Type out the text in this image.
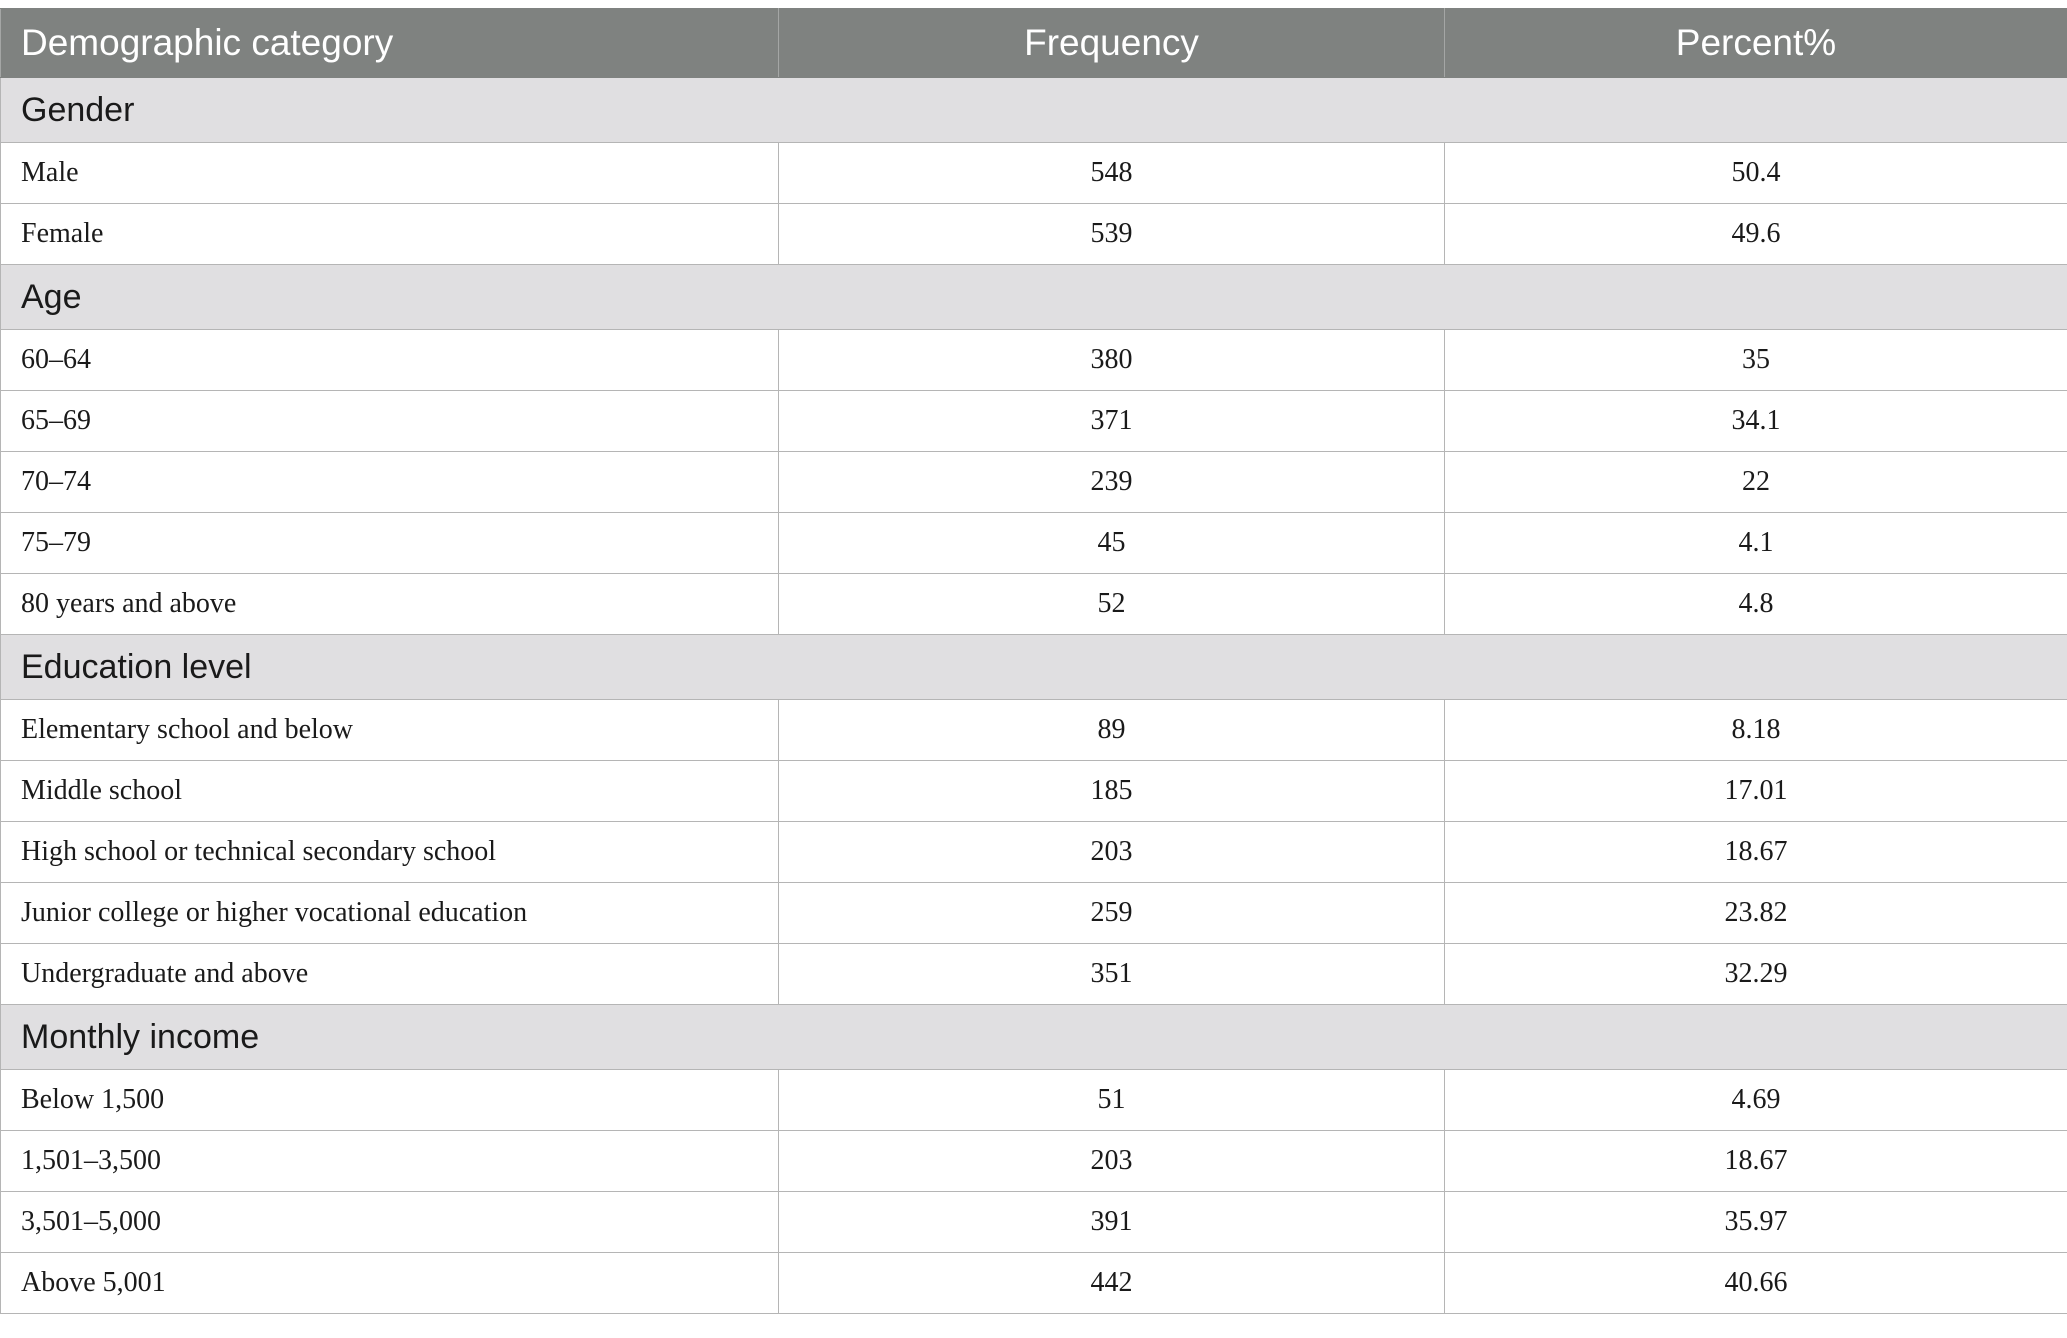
Demographic category	Frequency	Percent%
Gender		
Male	548	50.4
Female	539	49.6
Age		
60–64	380	35
65–69	371	34.1
70–74	239	22
75–79	45	4.1
80 years and above	52	4.8
Education level		
Elementary school and below	89	8.18
Middle school	185	17.01
High school or technical secondary school	203	18.67
Junior college or higher vocational education	259	23.82
Undergraduate and above	351	32.29
Monthly income		
Below 1,500	51	4.69
1,501–3,500	203	18.67
3,501–5,000	391	35.97
Above 5,001	442	40.66
